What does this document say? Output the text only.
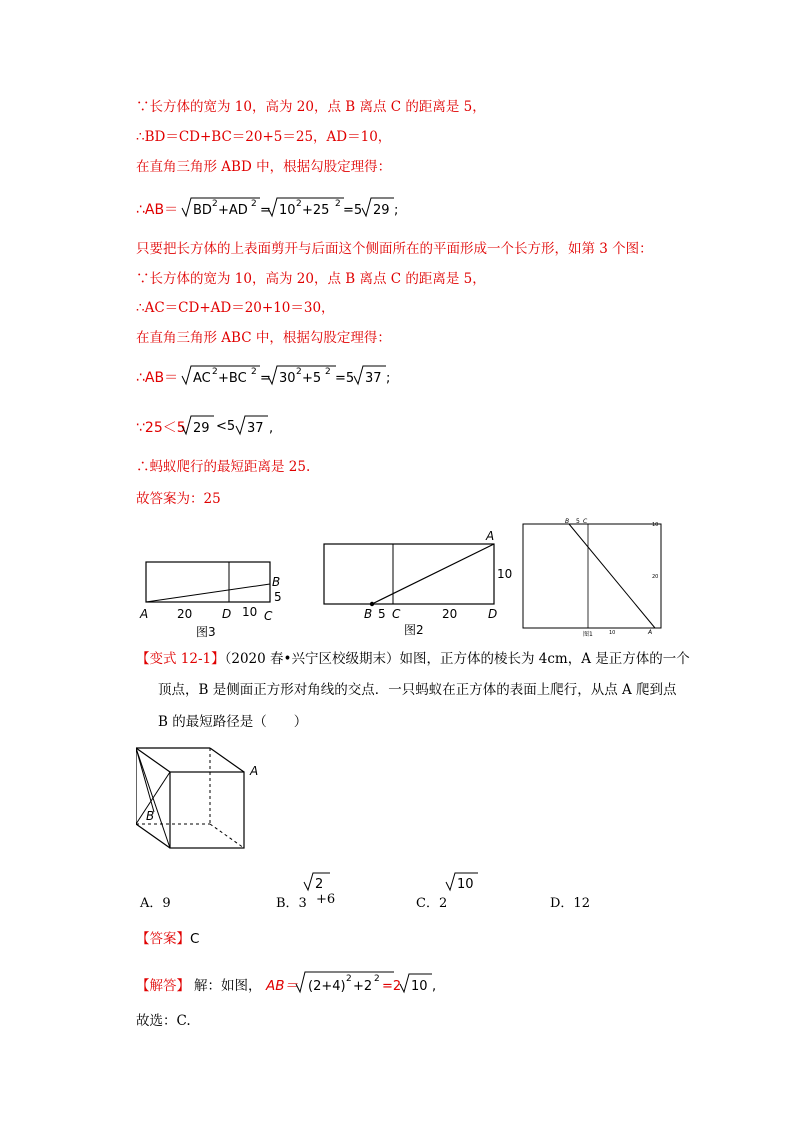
∵长方体的宽为 10，高为 20，点 B 离点 C 的距离是 5，
∴BD＝CD+BC＝20+5＝25，AD＝10，
在直角三角形 ABD 中，根据勾股定理得：
∴AB＝ BD 2 +AD 2 = 10 2 +25 2 =5 29 ;
只要把长方体的上表面剪开与后面这个侧面所在的平面形成一个长方形，如第 3 个图：
∵长方体的宽为 10，高为 20，点 B 离点 C 的距离是 5，
∴AC＝CD+AD＝20+10＝30，
在直角三角形 ABC 中，根据勾股定理得：
∴AB＝ AC 2 +BC 2 = 30 2 +5 2 =5 37 ;
∵25＜5 29 <5 37 ,
∴蚂蚁爬行的最短距离是 25.
故答案为：25
A 20 D 10 C
B
5
图3
A
10
B 5 C	20	D
图2
B 5 C	10
20
10	A
图1
【变式 12-1】（2020 春•兴宁区校级期末）如图，正方体的棱长为 4cm，A 是正方体的一个
顶点，B 是侧面正方形对角线的交点．一只蚂蚁在正方体的表面上爬行，从点 A 爬到点
B 的最短路径是（　　）
A
B
A．9	B．3
2
+6	C．2
10
D．12
【答案】C
【解答】 解：如图， AB＝ (2+4) 2 +2 2 =2 10 ,
故选：C.
